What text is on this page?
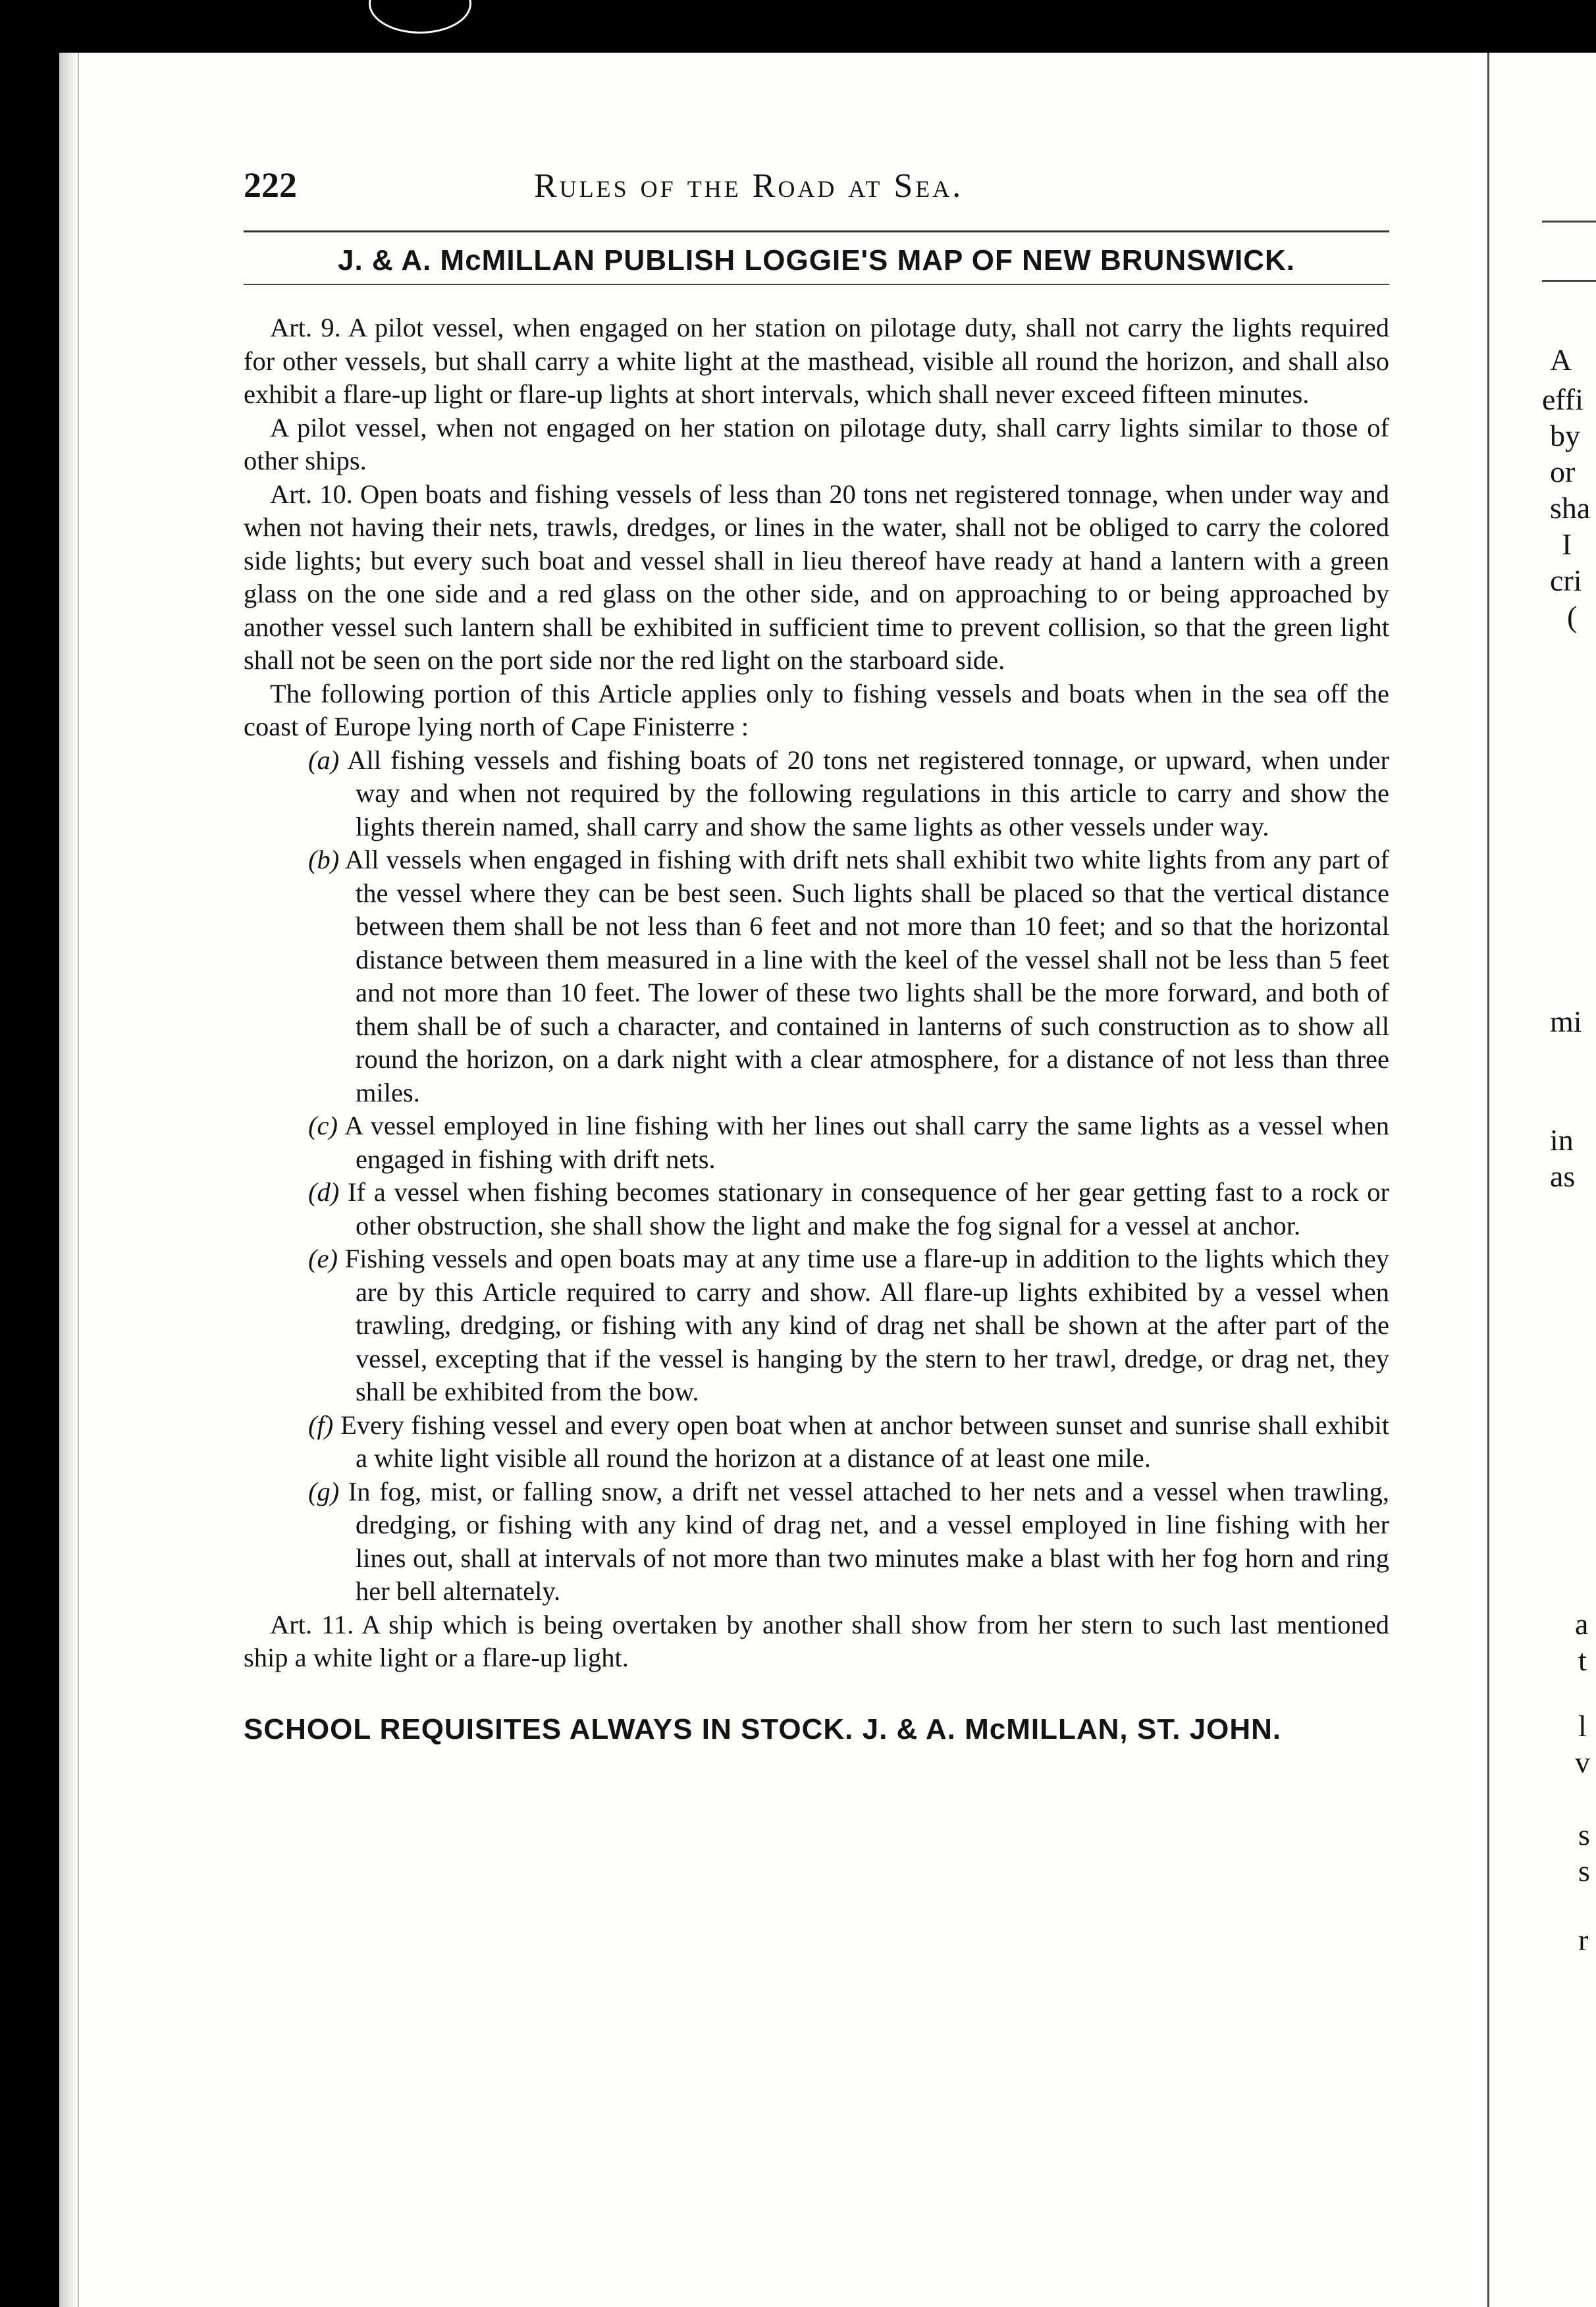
A
effi
by
or
sha
I
cri
(
mi
in
as
a
t
l
v
s
s
r
222	Rules of the Road at Sea.
J. & A. McMILLAN PUBLISH LOGGIE'S MAP OF NEW BRUNSWICK.

Art. 9. A pilot vessel, when engaged on her station on pilotage duty, shall not carry the lights required for other vessels, but shall carry a white light at the masthead, visible all round the horizon, and shall also exhibit a flare-up light or flare-up lights at short intervals, which shall never exceed fifteen minutes.

A pilot vessel, when not engaged on her station on pilotage duty, shall carry lights similar to those of other ships.

Art. 10. Open boats and fishing vessels of less than 20 tons net registered tonnage, when under way and when not having their nets, trawls, dredges, or lines in the water, shall not be obliged to carry the colored side lights; but every such boat and vessel shall in lieu thereof have ready at hand a lantern with a green glass on the one side and a red glass on the other side, and on approaching to or being approached by another vessel such lantern shall be exhibited in sufficient time to prevent collision, so that the green light shall not be seen on the port side nor the red light on the starboard side.

The following portion of this Article applies only to fishing vessels and boats when in the sea off the coast of Europe lying north of Cape Finisterre :

(a) All fishing vessels and fishing boats of 20 tons net registered tonnage, or upward, when under way and when not required by the following regulations in this article to carry and show the lights therein named, shall carry and show the same lights as other vessels under way.
(b) All vessels when engaged in fishing with drift nets shall exhibit two white lights from any part of the vessel where they can be best seen. Such lights shall be placed so that the vertical distance between them shall be not less than 6 feet and not more than 10 feet; and so that the horizontal distance between them measured in a line with the keel of the vessel shall not be less than 5 feet and not more than 10 feet. The lower of these two lights shall be the more forward, and both of them shall be of such a character, and contained in lanterns of such construction as to show all round the horizon, on a dark night with a clear atmosphere, for a distance of not less than three miles.
(c) A vessel employed in line fishing with her lines out shall carry the same lights as a vessel when engaged in fishing with drift nets.
(d) If a vessel when fishing becomes stationary in consequence of her gear getting fast to a rock or other obstruction, she shall show the light and make the fog signal for a vessel at anchor.
(e) Fishing vessels and open boats may at any time use a flare-up in addition to the lights which they are by this Article required to carry and show. All flare-up lights exhibited by a vessel when trawling, dredging, or fishing with any kind of drag net shall be shown at the after part of the vessel, excepting that if the vessel is hanging by the stern to her trawl, dredge, or drag net, they shall be exhibited from the bow.
(f) Every fishing vessel and every open boat when at anchor between sunset and sunrise shall exhibit a white light visible all round the horizon at a distance of at least one mile.
(g) In fog, mist, or falling snow, a drift net vessel attached to her nets and a vessel when trawling, dredging, or fishing with any kind of drag net, and a vessel employed in line fishing with her lines out, shall at intervals of not more than two minutes make a blast with her fog horn and ring her bell alternately.

Art. 11. A ship which is being overtaken by another shall show from her stern to such last mentioned ship a white light or a flare-up light.

SCHOOL REQUISITES ALWAYS IN STOCK. J. & A. McMILLAN, ST. JOHN.
